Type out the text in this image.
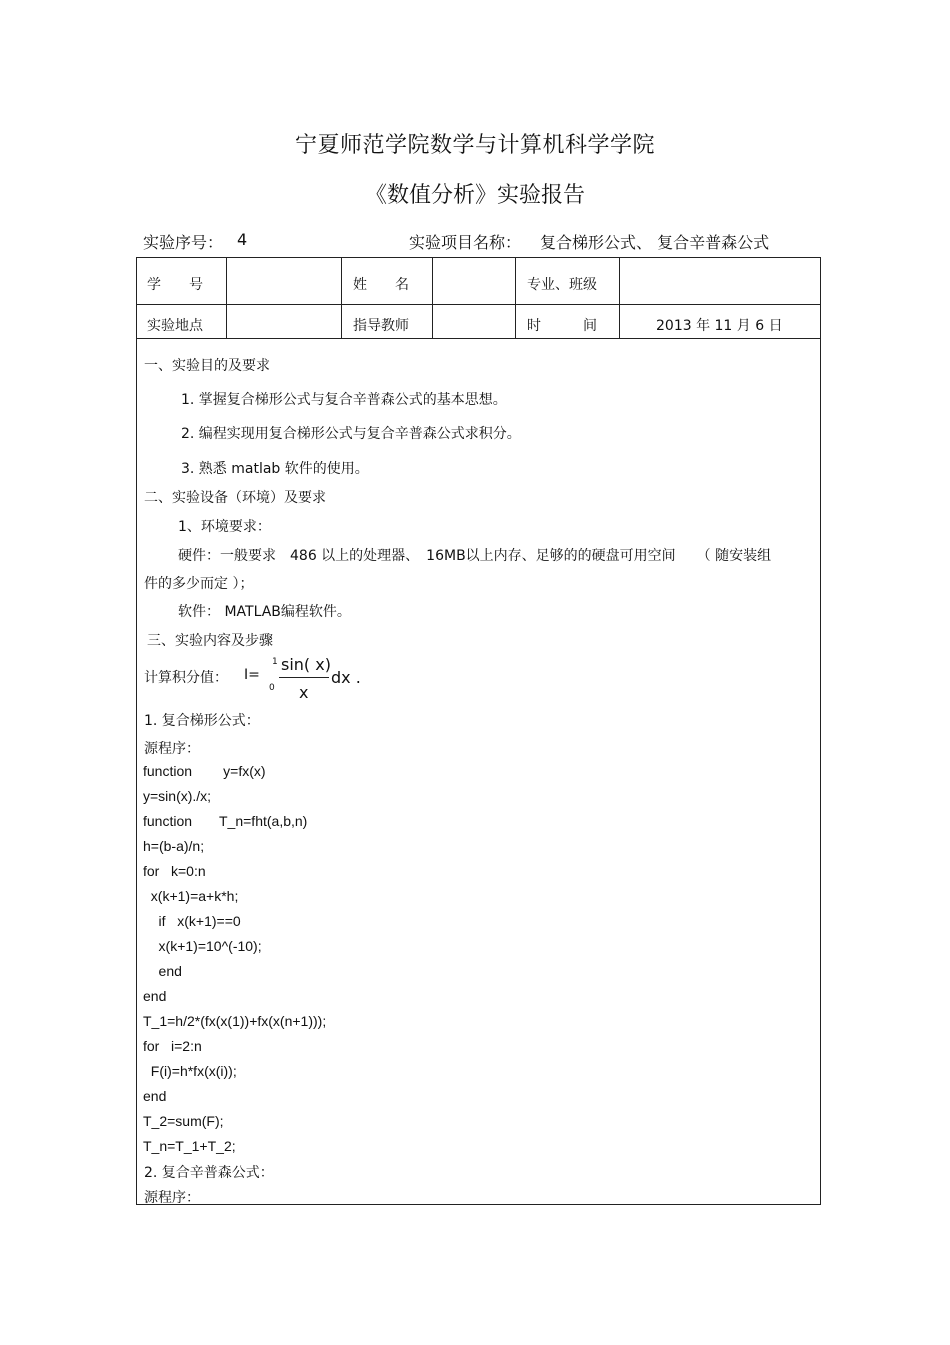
宁夏师范学院数学与计算机科学学院
《数值分析》实验报告
实验序号： 4	实验项目名称： 复合梯形公式、 复合辛普森公式
学　　号	姓　　名	专业、班级
实验地点	指导教师	时　　　间	2013 年 11 月 6 日
一、实验目的及要求
1. 掌握复合梯形公式与复合辛普森公式的基本思想。
2. 编程实现用复合梯形公式与复合辛普森公式求积分。
3. 熟悉 matlab 软件的使用。
二、实验设备（环境）及要求
1、环境要求：
硬件：一般要求　486 以上的处理器、　16MB以上内存、足够的的硬盘可用空间　　（ 随安装组
件的多少而定 ）；
软件： MATLAB编程软件。
三、实验内容及步骤
计算积分值： I=
1
0
sin( x)
x
dx .
1. 复合梯形公式：
源程序：
function        y=fx(x)
y=sin(x)./x;
function       T_n=fht(a,b,n)
h=(b-a)/n;
for   k=0:n
x(k+1)=a+k*h;
if   x(k+1)==0
x(k+1)=10^(-10);
end
end
T_1=h/2*(fx(x(1))+fx(x(n+1)));
for   i=2:n
F(i)=h*fx(x(i));
end
T_2=sum(F);
T_n=T_1+T_2;
2. 复合辛普森公式：
源程序：
